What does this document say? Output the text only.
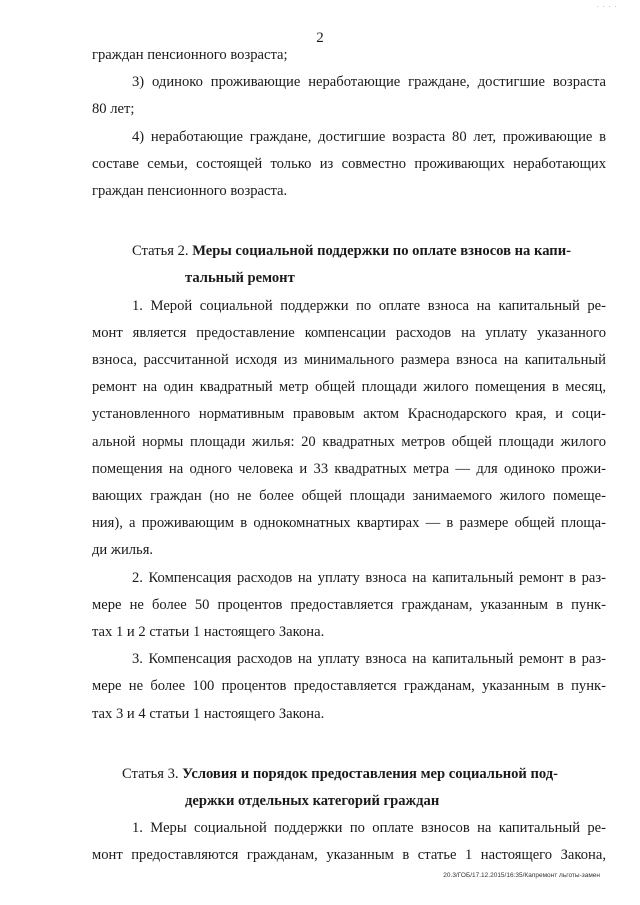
2
· · · ·
граждан пенсионного возраста;
3) одиноко проживающие неработающие граждане, достигшие возраста
80 лет;
4) неработающие граждане, достигшие возраста 80 лет, проживающие в
составе семьи, состоящей только из совместно проживающих неработающих
граждан пенсионного возраста.
Статья 2. Меры социальной поддержки по оплате взносов на капи-
тальный ремонт
1. Мерой социальной поддержки по оплате взноса на капитальный ре-
монт является предоставление компенсации расходов на уплату указанного
взноса, рассчитанной исходя из минимального размера взноса на капитальный
ремонт на один квадратный метр общей площади жилого помещения в месяц,
установленного нормативным правовым актом Краснодарского края, и соци-
альной нормы площади жилья: 20 квадратных метров общей площади жилого
помещения на одного человека и 33 квадратных метра — для одиноко прожи-
вающих граждан (но не более общей площади занимаемого жилого помеще-
ния), а проживающим в однокомнатных квартирах — в размере общей площа-
ди жилья.
2. Компенсация расходов на уплату взноса на капитальный ремонт в раз-
мере не более 50 процентов предоставляется гражданам, указанным в пунк-
тах 1 и 2 статьи 1 настоящего Закона.
3. Компенсация расходов на уплату взноса на капитальный ремонт в раз-
мере не более 100 процентов предоставляется гражданам, указанным в пунк-
тах 3 и 4 статьи 1 настоящего Закона.
Статья 3. Условия и порядок предоставления мер социальной под-
держки отдельных категорий граждан
1. Меры социальной поддержки по оплате взносов на капитальный ре-
монт предоставляются гражданам, указанным в статье 1 настоящего Закона,
20.3/ГОБ/17.12.2015/16:35/Капремонт льготы-замен
